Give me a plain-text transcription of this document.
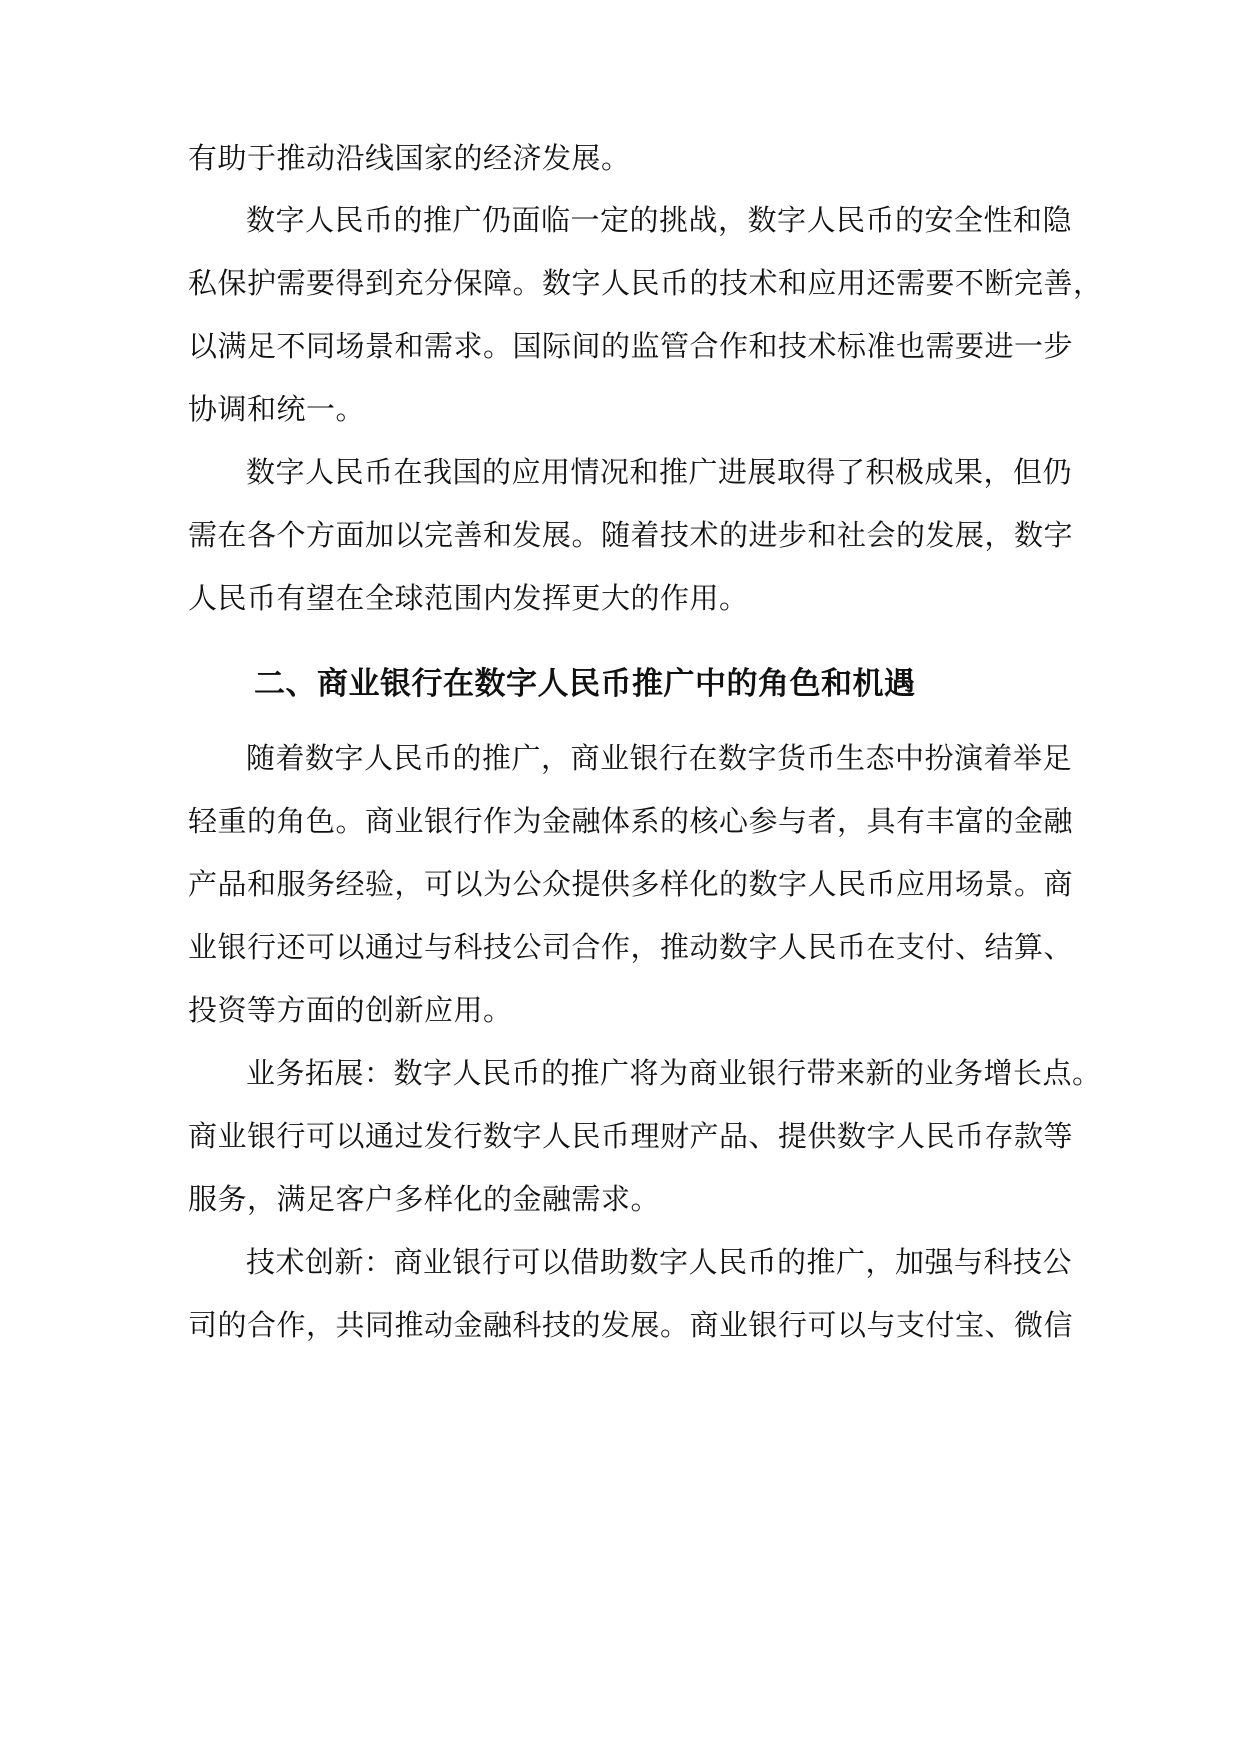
有助于推动沿线国家的经济发展。
数字人民币的推广仍面临一定的挑战，数字人民币的安全性和隐
私保护需要得到充分保障。数字人民币的技术和应用还需要不断完善，
以满足不同场景和需求。国际间的监管合作和技术标准也需要进一步
协调和统一。
数字人民币在我国的应用情况和推广进展取得了积极成果，但仍
需在各个方面加以完善和发展。随着技术的进步和社会的发展，数字
人民币有望在全球范围内发挥更大的作用。
二、商业银行在数字人民币推广中的角色和机遇
随着数字人民币的推广，商业银行在数字货币生态中扮演着举足
轻重的角色。商业银行作为金融体系的核心参与者，具有丰富的金融
产品和服务经验，可以为公众提供多样化的数字人民币应用场景。商
业银行还可以通过与科技公司合作，推动数字人民币在支付、结算、
投资等方面的创新应用。
业务拓展：数字人民币的推广将为商业银行带来新的业务增长点。
商业银行可以通过发行数字人民币理财产品、提供数字人民币存款等
服务，满足客户多样化的金融需求。
技术创新：商业银行可以借助数字人民币的推广，加强与科技公
司的合作，共同推动金融科技的发展。商业银行可以与支付宝、微信
